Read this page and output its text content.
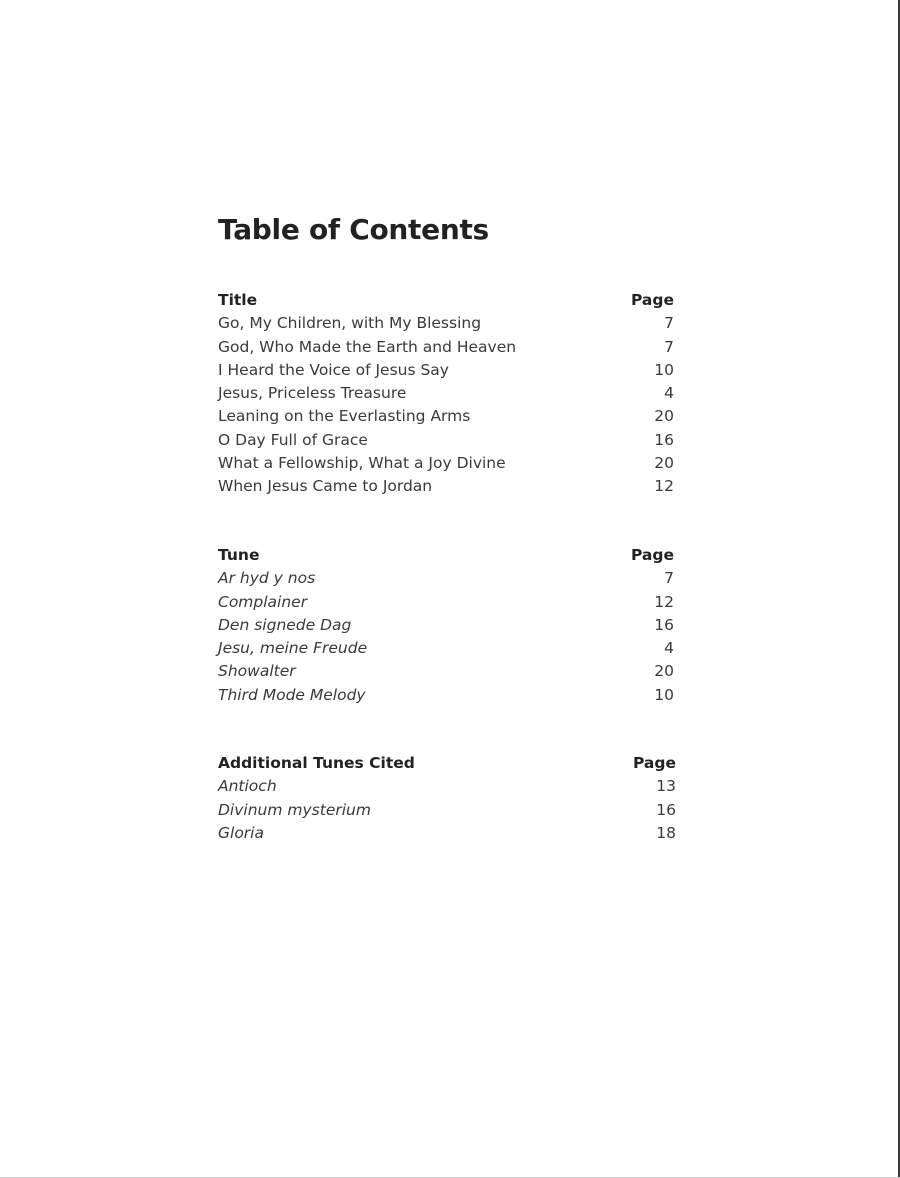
Table of Contents
Title	Page
Go, My Children, with My Blessing	7
God, Who Made the Earth and Heaven	7
I Heard the Voice of Jesus Say	10
Jesus, Priceless Treasure	4
Leaning on the Everlasting Arms	20
O Day Full of Grace	16
What a Fellowship, What a Joy Divine	20
When Jesus Came to Jordan	12
Tune	Page
Ar hyd y nos	7
Complainer	12
Den signede Dag	16
Jesu, meine Freude	4
Showalter	20
Third Mode Melody	10
Additional Tunes Cited	Page
Antioch	13
Divinum mysterium	16
Gloria	18
